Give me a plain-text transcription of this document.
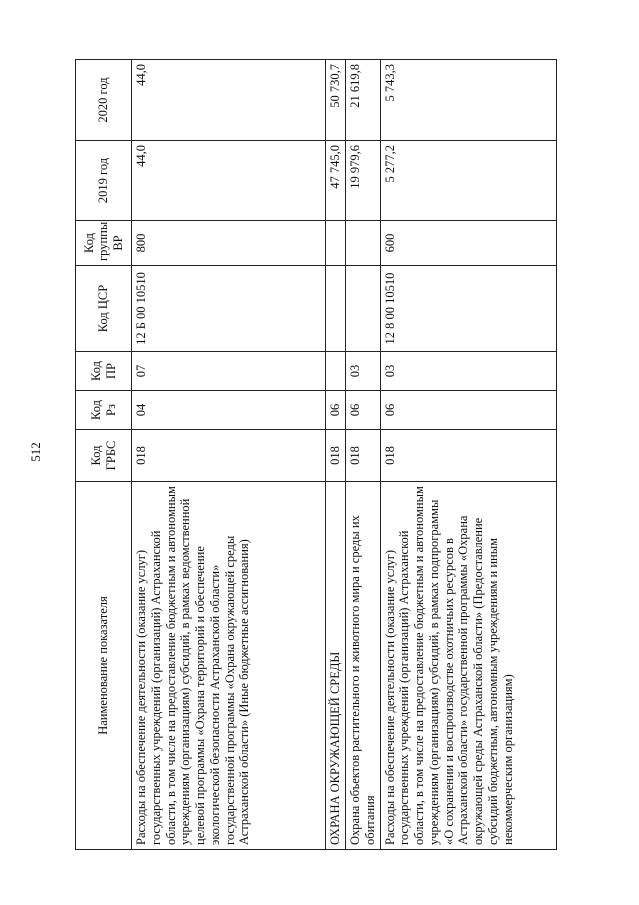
512
Наименование показателя	Код ГРБС	Код Рз	Код ПР	Код ЦСР	Код группы ВР	2019 год	2020 год
Расходы на обеспечение деятельности (оказание услуг) государственных учреждений (организаций) Астраханской области, в том числе на предоставление бюджетным и автономным учреждениям (организациям) субсидий, в рамках ведомственной целевой программы «Охрана территорий и обеспечение экологической безопасности Астраханской области» государственной программы «Охрана окружающей среды Астраханской области» (Иные бюджетные ассигнования)	018	04	07	12 Б 00 10510	800	44,0	44,0
ОХРАНА ОКРУЖАЮЩЕЙ СРЕДЫ	018	06				47 745,0	50 730,7
Охрана объектов растительного и животного мира и среды их обитания	018	06	03			19 979,6	21 619,8
Расходы на обеспечение деятельности (оказание услуг) государственных учреждений (организаций) Астраханской области, в том числе на предоставление бюджетным и автономным учреждениям (организациям) субсидий, в рамках подпрограммы «О сохранении и воспроизводстве охотничьих ресурсов в Астраханской области» государственной программы «Охрана окружающей среды Астраханской области» (Предоставление субсидий бюджетным, автономным учреждениям и иным некоммерческим организациям)	018	06	03	12 8 00 10510	600	5 277,2	5 743,3
